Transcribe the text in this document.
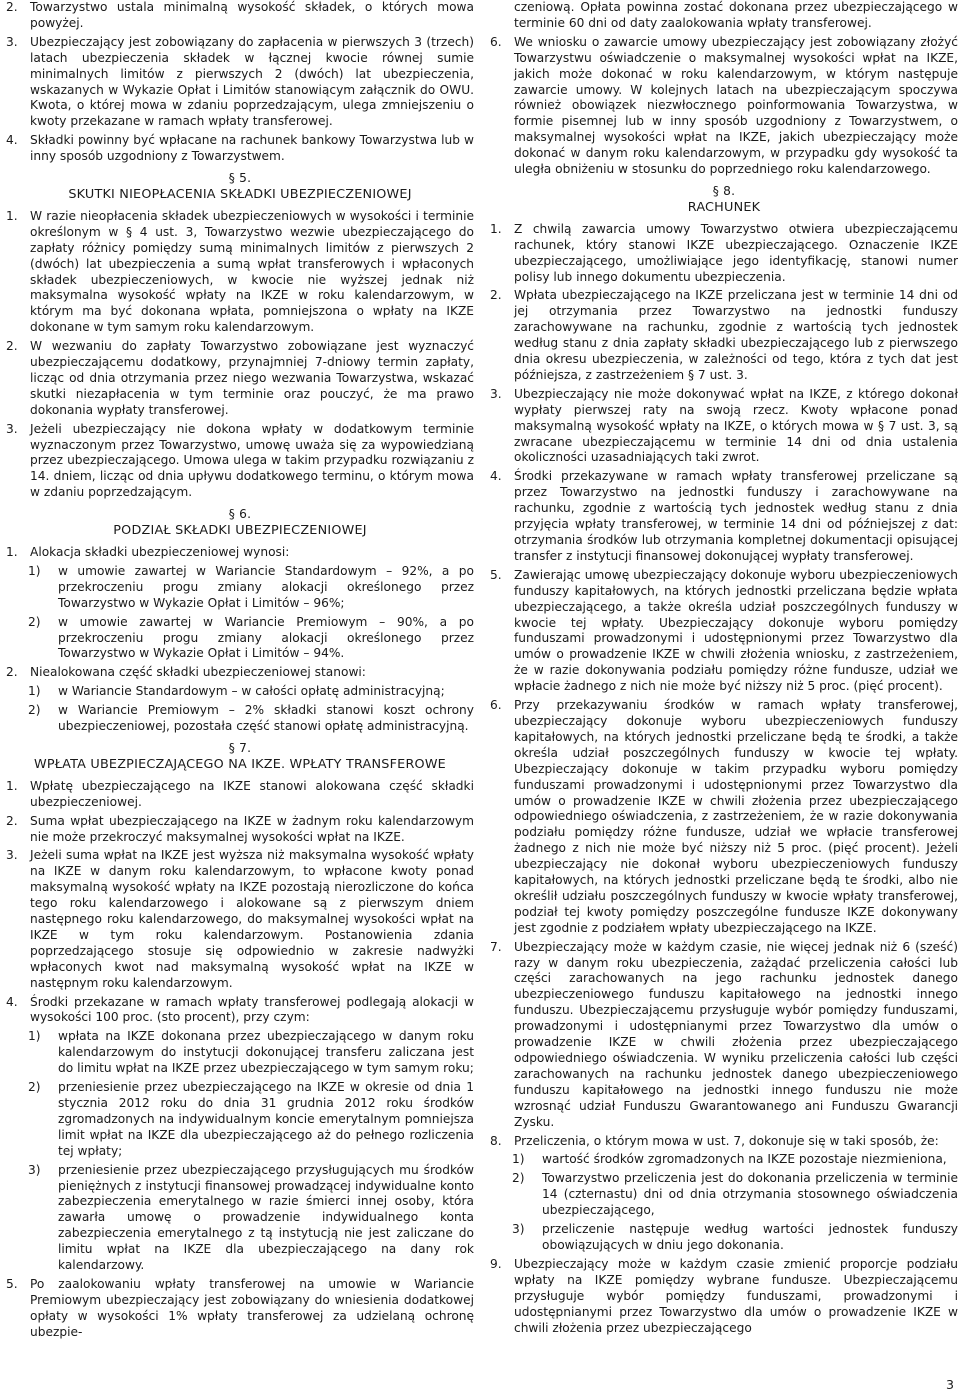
2. Towarzystwo ustala minimalną wysokość składek, o których mowa powyżej.
3. Ubezpieczający jest zobowiązany do zapłacenia w pierwszych 3 (trzech) latach ubezpieczenia składek w łącznej kwocie równej sumie minimalnych limitów z pierwszych 2 (dwóch) lat ubezpieczenia, wskazanych w Wykazie Opłat i Limitów stanowiącym załącznik do OWU. Kwota, o której mowa w zdaniu poprzedzającym, ulega zmniejszeniu o kwoty przekazane w ramach wpłaty transferowej.
4. Składki powinny być wpłacane na rachunek bankowy Towarzystwa lub w inny sposób uzgodniony z Towarzystwem.
§ 5.
SKUTKI NIEOPŁACENIA SKŁADKI UBEZPIECZENIOWEJ
1. W razie nieopłacenia składek ubezpieczeniowych w wysokości i terminie określonym w § 4 ust. 3, Towarzystwo wezwie ubezpieczającego do zapłaty różnicy pomiędzy sumą minimalnych limitów z pierwszych 2 (dwóch) lat ubezpieczenia a sumą wpłat transferowych i wpłaconych składek ubezpieczeniowych, w kwocie nie wyższej jednak niż maksymalna wysokość wpłaty na IKZE w roku kalendarzowym, w którym ma być dokonana wpłata, pomniejszona o wpłaty na IKZE dokonane w tym samym roku kalendarzowym.
2. W wezwaniu do zapłaty Towarzystwo zobowiązane jest wyznaczyć ubezpieczającemu dodatkowy, przynajmniej 7-dniowy termin zapłaty, licząc od dnia otrzymania przez niego wezwania Towarzystwa, wskazać skutki niezapłacenia w tym terminie oraz pouczyć, że ma prawo dokonania wypłaty transferowej.
3. Jeżeli ubezpieczający nie dokona wpłaty w dodatkowym terminie wyznaczonym przez Towarzystwo, umowę uważa się za wypowiedzianą przez ubezpieczającego. Umowa ulega w takim przypadku rozwiązaniu z 14. dniem, licząc od dnia upływu dodatkowego terminu, o którym mowa w zdaniu poprzedzającym.
§ 6.
PODZIAŁ SKŁADKI UBEZPIECZENIOWEJ
1. Alokacja składki ubezpieczeniowej wynosi:
1) w umowie zawartej w Wariancie Standardowym – 92%, a po przekroczeniu progu zmiany alokacji określonego przez Towarzystwo w Wykazie Opłat i Limitów – 96%;
2) w umowie zawartej w Wariancie Premiowym – 90%, a po przekroczeniu progu zmiany alokacji określonego przez Towarzystwo w Wykazie Opłat i Limitów – 94%.
2. Niealokowana część składki ubezpieczeniowej stanowi:
1) w Wariancie Standardowym – w całości opłatę administracyjną;
2) w Wariancie Premiowym – 2% składki stanowi koszt ochrony ubezpieczeniowej, pozostała część stanowi opłatę administracyjną.
§ 7.
WPŁATA UBEZPIECZAJĄCEGO NA IKZE. WPŁATY TRANSFEROWE
1. Wpłatę ubezpieczającego na IKZE stanowi alokowana część składki ubezpieczeniowej.
2. Suma wpłat ubezpieczającego na IKZE w żadnym roku kalendarzowym nie może przekroczyć maksymalnej wysokości wpłat na IKZE.
3. Jeżeli suma wpłat na IKZE jest wyższa niż maksymalna wysokość wpłaty na IKZE w danym roku kalendarzowym, to wpłacone kwoty ponad maksymalną wysokość wpłaty na IKZE pozostają nierozliczone do końca tego roku kalendarzowego i alokowane są z pierwszym dniem następnego roku kalendarzowego, do maksymalnej wysokości wpłat na IKZE w tym roku kalendarzowym. Postanowienia zdania poprzedzającego stosuje się odpowiednio w zakresie nadwyżki wpłaconych kwot nad maksymalną wysokość wpłat na IKZE w następnym roku kalendarzowym.
4. Środki przekazane w ramach wpłaty transferowej podlegają alokacji w wysokości 100 proc. (sto procent), przy czym:
1) wpłata na IKZE dokonana przez ubezpieczającego w danym roku kalendarzowym do instytucji dokonującej transferu zaliczana jest do limitu wpłat na IKZE przez ubezpieczającego w tym samym roku;
2) przeniesienie przez ubezpieczającego na IKZE w okresie od dnia 1 stycznia 2012 roku do dnia 31 grudnia 2012 roku środków zgromadzonych na indywidualnym koncie emerytalnym pomniejsza limit wpłat na IKZE dla ubezpieczającego aż do pełnego rozliczenia tej wpłaty;
3) przeniesienie przez ubezpieczającego przysługujących mu środków pieniężnych z instytucji finansowej prowadzącej indywidualne konto zabezpieczenia emerytalnego w razie śmierci innej osoby, która zawarła umowę o prowadzenie indywidualnego konta zabezpieczenia emerytalnego z tą instytucją nie jest zaliczane do limitu wpłat na IKZE dla ubezpieczającego na dany rok kalendarzowy.
5. Po zaalokowaniu wpłaty transferowej na umowie w Wariancie Premiowym ubezpieczający jest zobowiązany do wniesienia dodatkowej opłaty w wysokości 1% wpłaty transferowej za udzielaną ochronę ubezpie-

czeniową. Opłata powinna zostać dokonana przez ubezpieczającego w terminie 60 dni od daty zaalokowania wpłaty transferowej.

6. We wniosku o zawarcie umowy ubezpieczający jest zobowiązany złożyć Towarzystwu oświadczenie o maksymalnej wysokości wpłat na IKZE, jakich może dokonać w roku kalendarzowym, w którym następuje zawarcie umowy. W kolejnych latach na ubezpieczającym spoczywa również obowiązek niezwłocznego poinformowania Towarzystwa, w formie pisemnej lub w inny sposób uzgodniony z Towarzystwem, o maksymalnej wysokości wpłat na IKZE, jakich ubezpieczający może dokonać w danym roku kalendarzowym, w przypadku gdy wysokość ta uległa obniżeniu w stosunku do poprzedniego roku kalendarzowego.
§ 8.
RACHUNEK
1. Z chwilą zawarcia umowy Towarzystwo otwiera ubezpieczającemu rachunek, który stanowi IKZE ubezpieczającego. Oznaczenie IKZE ubezpieczającego, umożliwiające jego identyfikację, stanowi numer polisy lub innego dokumentu ubezpieczenia.
2. Wpłata ubezpieczającego na IKZE przeliczana jest w terminie 14 dni od jej otrzymania przez Towarzystwo na jednostki funduszy zarachowywane na rachunku, zgodnie z wartością tych jednostek według stanu z dnia zapłaty składki ubezpieczającego lub z pierwszego dnia okresu ubezpieczenia, w zależności od tego, która z tych dat jest późniejsza, z zastrzeżeniem § 7 ust. 3.
3. Ubezpieczający nie może dokonywać wpłat na IKZE, z którego dokonał wypłaty pierwszej raty na swoją rzecz. Kwoty wpłacone ponad maksymalną wysokość wpłaty na IKZE, o których mowa w § 7 ust. 3, są zwracane ubezpieczającemu w terminie 14 dni od dnia ustalenia okoliczności uzasadniających taki zwrot.
4. Środki przekazywane w ramach wpłaty transferowej przeliczane są przez Towarzystwo na jednostki funduszy i zarachowywane na rachunku, zgodnie z wartością tych jednostek według stanu z dnia przyjęcia wpłaty transferowej, w terminie 14 dni od późniejszej z dat: otrzymania środków lub otrzymania kompletnej dokumentacji opisującej transfer z instytucji finansowej dokonującej wypłaty transferowej.
5. Zawierając umowę ubezpieczający dokonuje wyboru ubezpieczeniowych funduszy kapitałowych, na których jednostki przeliczana będzie wpłata ubezpieczającego, a także określa udział poszczególnych funduszy w kwocie tej wpłaty. Ubezpieczający dokonuje wyboru pomiędzy funduszami prowadzonymi i udostępnionymi przez Towarzystwo dla umów o prowadzenie IKZE w chwili złożenia wniosku, z zastrzeżeniem, że w razie dokonywania podziału pomiędzy różne fundusze, udział we wpłacie żadnego z nich nie może być niższy niż 5 proc. (pięć procent).
6. Przy przekazywaniu środków w ramach wpłaty transferowej, ubezpieczający dokonuje wyboru ubezpieczeniowych funduszy kapitałowych, na których jednostki przeliczane będą te środki, a także określa udział poszczególnych funduszy w kwocie tej wpłaty. Ubezpieczający dokonuje w takim przypadku wyboru pomiędzy funduszami prowadzonymi i udostępnionymi przez Towarzystwo dla umów o prowadzenie IKZE w chwili złożenia przez ubezpieczającego odpowiedniego oświadczenia, z zastrzeżeniem, że w razie dokonywania podziału pomiędzy różne fundusze, udział we wpłacie transferowej żadnego z nich nie może być niższy niż 5 proc. (pięć procent). Jeżeli ubezpieczający nie dokonał wyboru ubezpieczeniowych funduszy kapitałowych, na których jednostki przeliczane będą te środki, albo nie określił udziału poszczególnych funduszy w kwocie wpłaty transferowej, podział tej kwoty pomiędzy poszczególne fundusze IKZE dokonywany jest zgodnie z podziałem wpłaty ubezpieczającego na IKZE.
7. Ubezpieczający może w każdym czasie, nie więcej jednak niż 6 (sześć) razy w danym roku ubezpieczenia, zażądać przeliczenia całości lub części zarachowanych na jego rachunku jednostek danego ubezpieczeniowego funduszu kapitałowego na jednostki innego funduszu. Ubezpieczającemu przysługuje wybór pomiędzy funduszami, prowadzonymi i udostępnianymi przez Towarzystwo dla umów o prowadzenie IKZE w chwili złożenia przez ubezpieczającego odpowiedniego oświadczenia. W wyniku przeliczenia całości lub części zarachowanych na rachunku jednostek danego ubezpieczeniowego funduszu kapitałowego na jednostki innego funduszu nie może wzrosnąć udział Funduszu Gwarantowanego ani Funduszu Gwarancji Zysku.
8. Przeliczenia, o którym mowa w ust. 7, dokonuje się w taki sposób, że:
1) wartość środków zgromadzonych na IKZE pozostaje niezmieniona,
2) Towarzystwo przeliczenia jest do dokonania przeliczenia w terminie 14 (czternastu) dni od dnia otrzymania stosownego oświadczenia ubezpieczającego,
3) przeliczenie następuje według wartości jednostek funduszy obowiązujących w dniu jego dokonania.
9. Ubezpieczający może w każdym czasie zmienić proporcje podziału wpłaty na IKZE pomiędzy wybrane fundusze. Ubezpieczającemu przysługuje wybór pomiędzy funduszami, prowadzonymi i udostępnianymi przez Towarzystwo dla umów o prowadzenie IKZE w chwili złożenia przez ubezpieczającego
3
